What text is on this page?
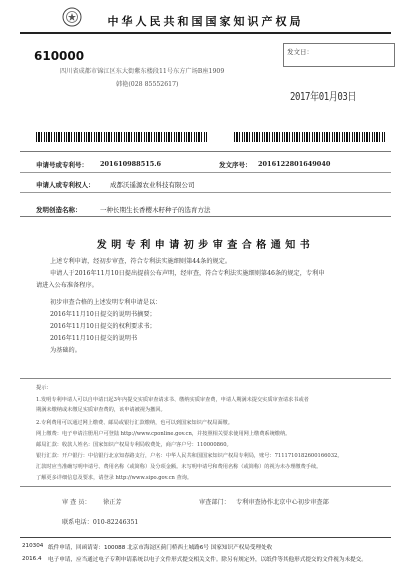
中华人民共和国国家知识产权局
610000
四川省成都市锦江区东大街紫东楼段11号东方广场B座1909
韩艳(028 85552617)
发文日：
2017年01月03日
申请号或专利号： 201610988515.6	发文序号： 2016122801649040
申请人或专利权人： 成都沃遥源农业科技有限公司
发明创造名称：	一种长期生长香樱木籽种子的选育方法
发明专利申请初步审查合格通知书
上述专利申请，经初步审查，符合专利法实施细则第44条的规定。
申请人于2016年11月10日提出提前公布声明，经审查，符合专利法实施细则第46条的规定，专利申
请进入公布准备程序。
初步审查合格的上述发明专利申请是以：
2016年11月10日提交的说明书摘要；
2016年11月10日提交的权利要求书；
2016年11月10日提交的说明书
为基础的。
提示：
1.发明专利申请人可以自申请日起3年内提交实质审查请求书、缴纳实质审查费，申请人期满未提交实质审查请求书或者
期满未缴纳或未缴足实质审查费的，该申请被视为撤回。
2.专利费用可以通过网上缴费、邮局或银行汇款缴纳，也可以到国家知识产权局面缴。
网上缴费：电子申请注册用户可登陆 http://www.cponline.gov.cn，并按照相关要求使用网上缴费系统缴纳。
邮局汇款：收款人姓名：国家知识产权局专利局收费处，商户客户号：110000860。
银行汇款：开户银行：中信银行北京知春路支行，户名：中华人民共和国国家知识产权局专利局，账号：7111710182600166032。
汇款时应当准确写明申请号、费用名称（或简称）及分项金额。未写明申请号和费用名称（或简称）的视为未办理缴费手续。
了解更多详细信息及要求，请登录 http://www.sipo.gov.cn 查询。
审 查 员： 徐正芳	审查部门： 专利审查协作北京中心初步审查部
联系电话：010-82246351
210304 纸件申请，回函请寄：100088 北京市海淀区蓟门桥西土城路6号 国家知识产权局受理处收
2016.4 电子申请，应当通过电子专利申请系统以电子文件形式提交相关文件。除另有规定外，以纸件等其他形式提交的文件视为未提交。
